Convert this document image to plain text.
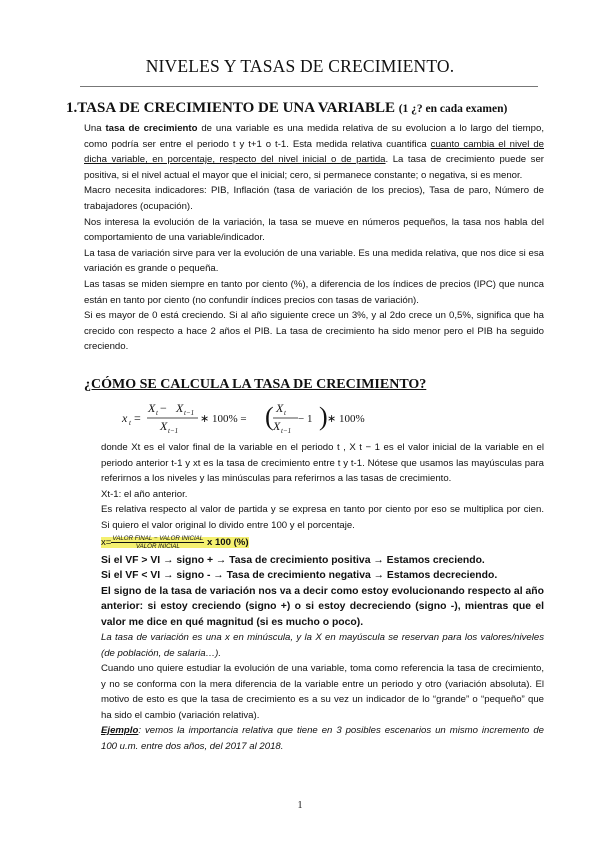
NIVELES Y TASAS DE CRECIMIENTO.
1.TASA DE CRECIMIENTO DE UNA VARIABLE (1 ¿? en cada examen)

Una tasa de crecimiento de una variable es una medida relativa de su evolucion a lo largo del tiempo, como podría ser entre el periodo t y t+1 o t-1. Esta medida relativa cuantifica cuanto cambia el nivel de dicha variable, en porcentaje, respecto del nivel inicial o de partida. La tasa de crecimiento puede ser positiva, si el nivel actual el mayor que el inicial; cero, si permanece constante; o negativa, si es menor.

Macro necesita indicadores: PIB, Inflación (tasa de variación de los precios), Tasa de paro, Número de trabajadores (ocupación).

Nos interesa la evolución de la variación, la tasa se mueve en números pequeños, la tasa nos habla del comportamiento de una variable/indicador.

La tasa de variación sirve para ver la evolución de una variable. Es una medida relativa, que nos dice si esa variación es grande o pequeña.

Las tasas se miden siempre en tanto por ciento (%), a diferencia de los índices de precios (IPC) que nunca están en tanto por ciento (no confundir índices precios con tasas de variación).

Si es mayor de 0 está creciendo. Si al año siguiente crece un 3%, y al 2do crece un 0,5%, significa que ha crecido con respecto a hace 2 años el PIB. La tasa de crecimiento ha sido menor pero el PIB ha seguido creciendo.

¿CÓMO SE CALCULA LA TASA DE CRECIMIENTO?
x t =
X t − X t−1
X t−1
∗ 100% = ( X t
X t−1
− 1 ) ∗ 100%

donde Xt es el valor final de la variable en el periodo t , X t − 1 es el valor inicial de la variable en el periodo anterior t-1 y xt es la tasa de crecimiento entre t y t-1. Nótese que usamos las mayúsculas para referirnos a los niveles y las minúsculas para referirnos a las tasas de crecimiento.

Xt-1: el año anterior.

Es relativa respecto al valor de partida y se expresa en tanto por ciento por eso se multiplica por cien. Si quiero el valor original lo divido entre 100 y el porcentaje.

$x= \frac{\text{VALOR FINAL − VALOR INICIAL}}{\text{VALOR INICIAL}}$ x 100 (%)

Si el VF > VI → signo + → Tasa de crecimiento positiva → Estamos creciendo.

Si el VF < VI → signo - → Tasa de crecimiento negativa → Estamos decreciendo.

El signo de la tasa de variación nos va a decir como estoy evolucionando respecto al año anterior: si estoy creciendo (signo +) o si estoy decreciendo (signo -), mientras que el valor me dice en qué magnitud (si es mucho o poco).

La tasa de variación es una x en minúscula, y la X en mayúscula se reservan para los valores/niveles (de población, de salaria…).

Cuando uno quiere estudiar la evolución de una variable, toma como referencia la tasa de crecimiento, y no se conforma con la mera diferencia de la variable entre un periodo y otro (variación absoluta). El motivo de esto es que la tasa de crecimiento es a su vez un indicador de lo “grande” o “pequeño” que ha sido el cambio (variación relativa).

Ejemplo: vemos la importancia relativa que tiene en 3 posibles escenarios un mismo incremento de 100 u.m. entre dos años, del 2017 al 2018.

1
